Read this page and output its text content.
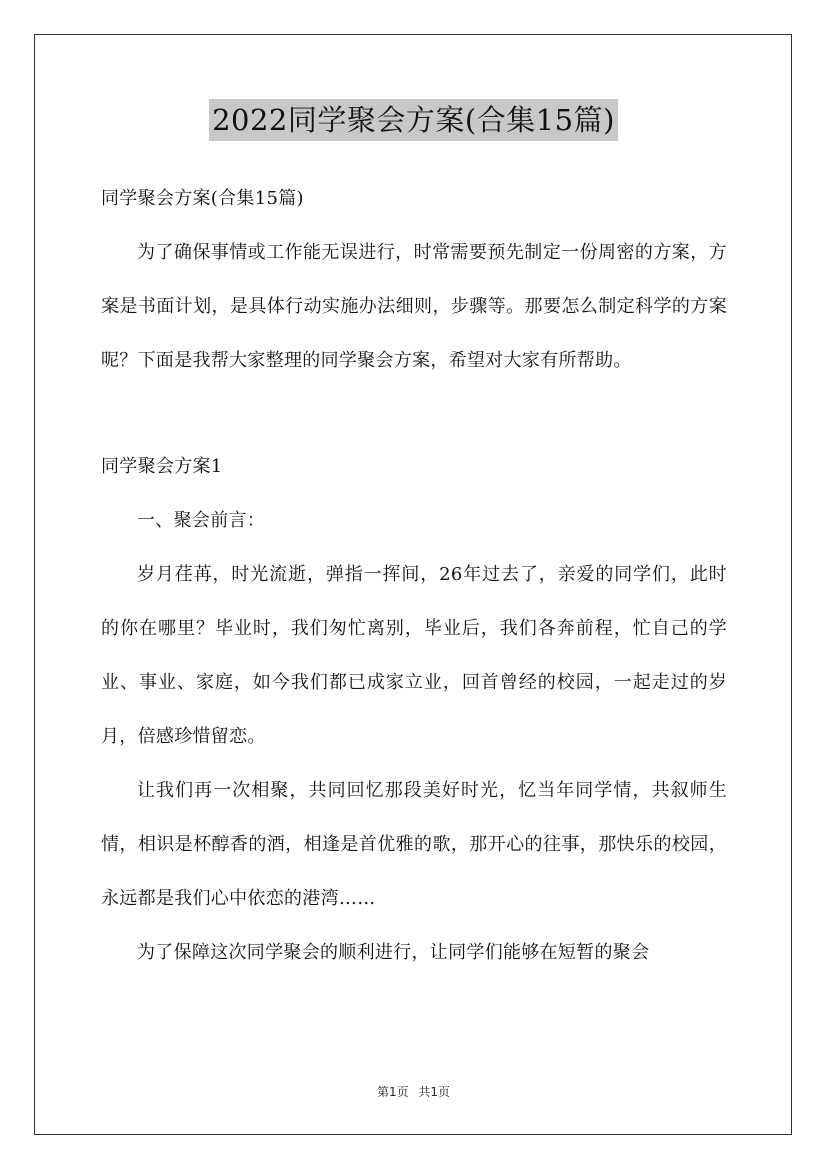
2022同学聚会方案(合集15篇)

同学聚会方案(合集15篇)

为了确保事情或工作能无误进行，时常需要预先制定一份周密的方案，方案是书面计划，是具体行动实施办法细则，步骤等。那要怎么制定科学的方案呢？下面是我帮大家整理的同学聚会方案，希望对大家有所帮助。

同学聚会方案1

一、聚会前言：

岁月荏苒，时光流逝，弹指一挥间，26年过去了，亲爱的同学们，此时的你在哪里？毕业时，我们匆忙离别，毕业后，我们各奔前程，忙自己的学业、事业、家庭，如今我们都已成家立业，回首曾经的校园，一起走过的岁月，倍感珍惜留恋。

让我们再一次相聚，共同回忆那段美好时光，忆当年同学情，共叙师生情，相识是杯醇香的酒，相逢是首优雅的歌，那开心的往事，那快乐的校园，永远都是我们心中依恋的港湾……

为了保障这次同学聚会的顺利进行，让同学们能够在短暂的聚会

第1页 共1页
